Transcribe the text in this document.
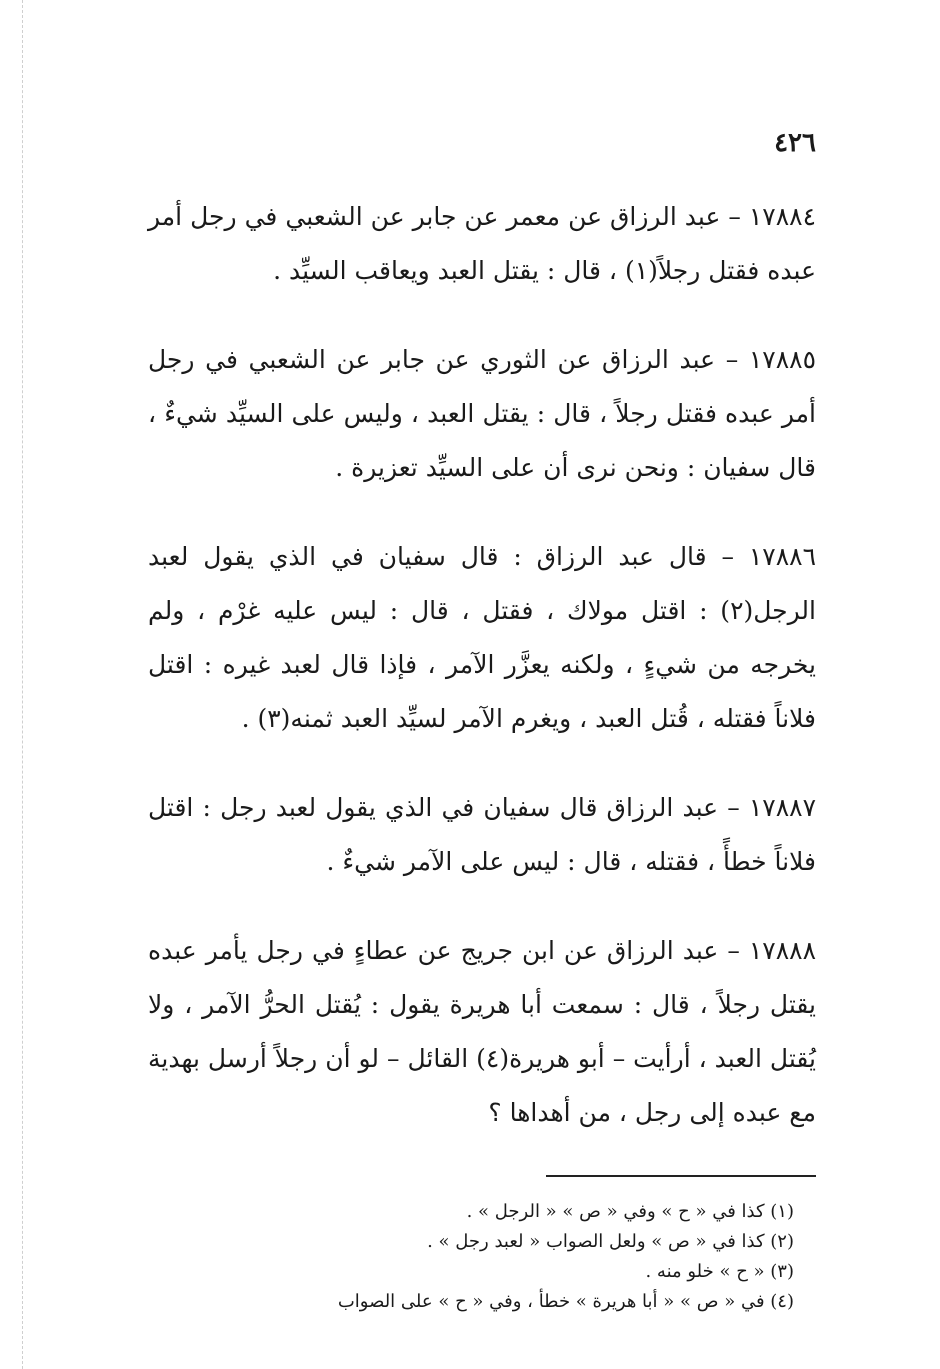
٤٢٦

١٧٨٨٤ – عبد الرزاق عن معمر عن جابر عن الشعبي في رجل أمر عبده فقتل رجلاً(١) ، قال : يقتل العبد ويعاقب السيِّد .

١٧٨٨٥ – عبد الرزاق عن الثوري عن جابر عن الشعبي في رجل أمر عبده فقتل رجلاً ، قال : يقتل العبد ، وليس على السيِّد شيءٌ ، قال سفيان : ونحن نرى أن على السيِّد تعزيرة .

١٧٨٨٦ – قال عبد الرزاق : قال سفيان في الذي يقول لعبد الرجل(٢) : اقتل مولاك ، فقتل ، قال : ليس عليه غرْم ، ولم يخرجه من شيءٍ ، ولكنه يعزَّر الآمر ، فإذا قال لعبد غيره : اقتل فلاناً فقتله ، قُتل العبد ، ويغرم الآمر لسيِّد العبد ثمنه(٣) .

١٧٨٨٧ – عبد الرزاق قال سفيان في الذي يقول لعبد رجل : اقتل فلاناً خطأً ، فقتله ، قال : ليس على الآمر شيءٌ .

١٧٨٨٨ – عبد الرزاق عن ابن جريج عن عطاءٍ في رجل يأمر عبده يقتل رجلاً ، قال : سمعت أبا هريرة يقول : يُقتل الحرُّ الآمر ، ولا يُقتل العبد ، أرأيت – أبو هريرة(٤) القائل – لو أن رجلاً أرسل بهدية مع عبده إلى رجل ، من أهداها ؟

(١) كذا في « ح » وفي « ص » « الرجل » .
(٢) كذا في « ص » ولعل الصواب « لعبد رجل » .
(٣) « ح » خلو منه .
(٤) في « ص » « أبا هريرة » خطأ ، وفي « ح » على الصواب
